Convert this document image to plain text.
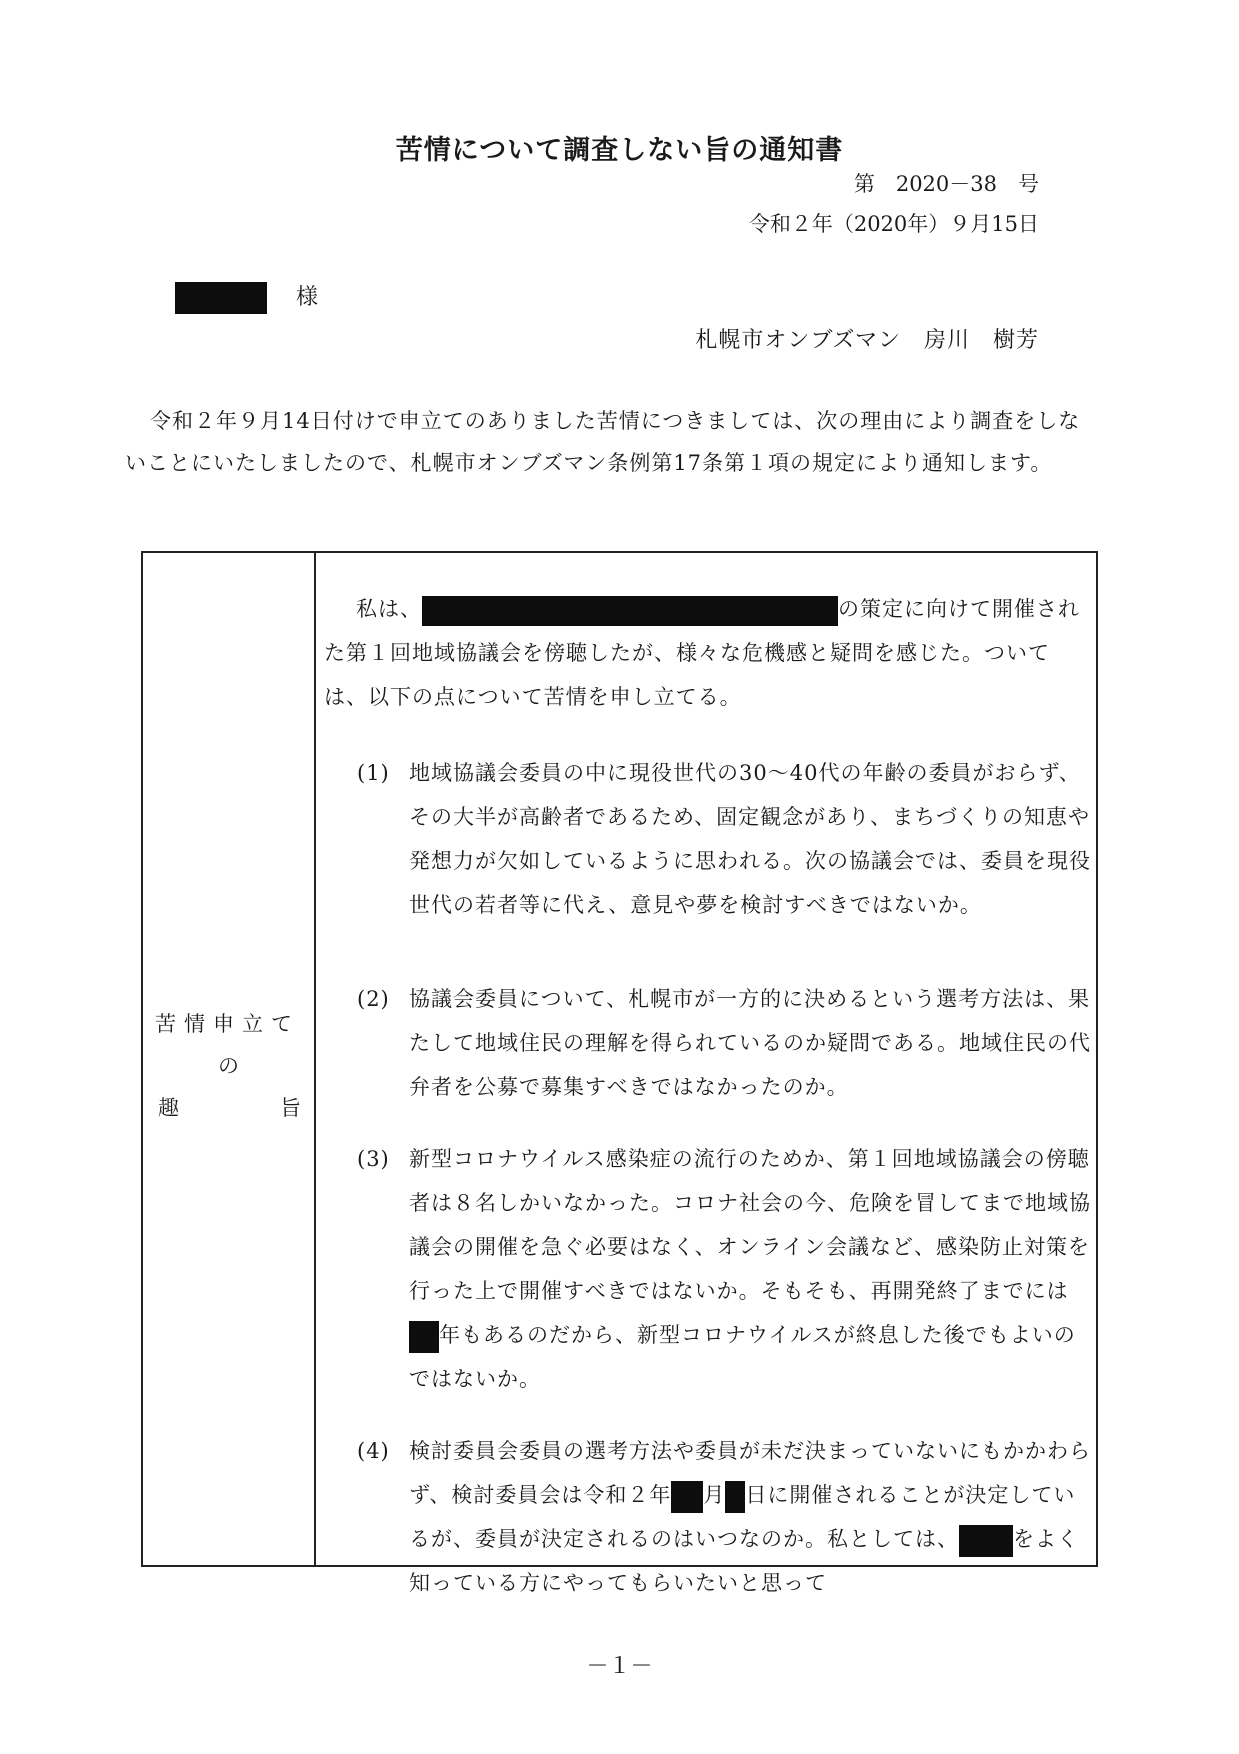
苦情について調査しない旨の通知書
第　2020－38　号
令和２年（2020年）９月15日
様
札幌市オンブズマン　房川　樹芳
令和２年９月14日付けで申立てのありました苦情につきましては、次の理由により調査をしないことにいたしましたので、札幌市オンブズマン条例第17条第１項の規定により通知します。
苦情申立て
の
趣	旨
私は、	の策定に向けて開催された第１回地域協議会を傍聴したが、様々な危機感と疑問を感じた。ついては、以下の点について苦情を申し立てる。
(1) 地域協議会委員の中に現役世代の30～40代の年齢の委員がおらず、その大半が高齢者であるため、固定観念があり、まちづくりの知恵や発想力が欠如しているように思われる。次の協議会では、委員を現役世代の若者等に代え、意見や夢を検討すべきではないか。
(2) 協議会委員について、札幌市が一方的に決めるという選考方法は、果たして地域住民の理解を得られているのか疑問である。地域住民の代弁者を公募で募集すべきではなかったのか。
(3) 新型コロナウイルス感染症の流行のためか、第１回地域協議会の傍聴者は８名しかいなかった。コロナ社会の今、危険を冒してまで地域協議会の開催を急ぐ必要はなく、オンライン会議など、感染防止対策を行った上で開催すべきではないか。そもそも、再開発終了までには年もあるのだから、新型コロナウイルスが終息した後でもよいのではないか。
(4) 検討委員会委員の選考方法や委員が未だ決まっていないにもかかわらず、検討委員会は令和２年 月 日に開催されることが決定しているが、委員が決定されるのはいつなのか。私としては、	をよく知っている方にやってもらいたいと思って
－１－
